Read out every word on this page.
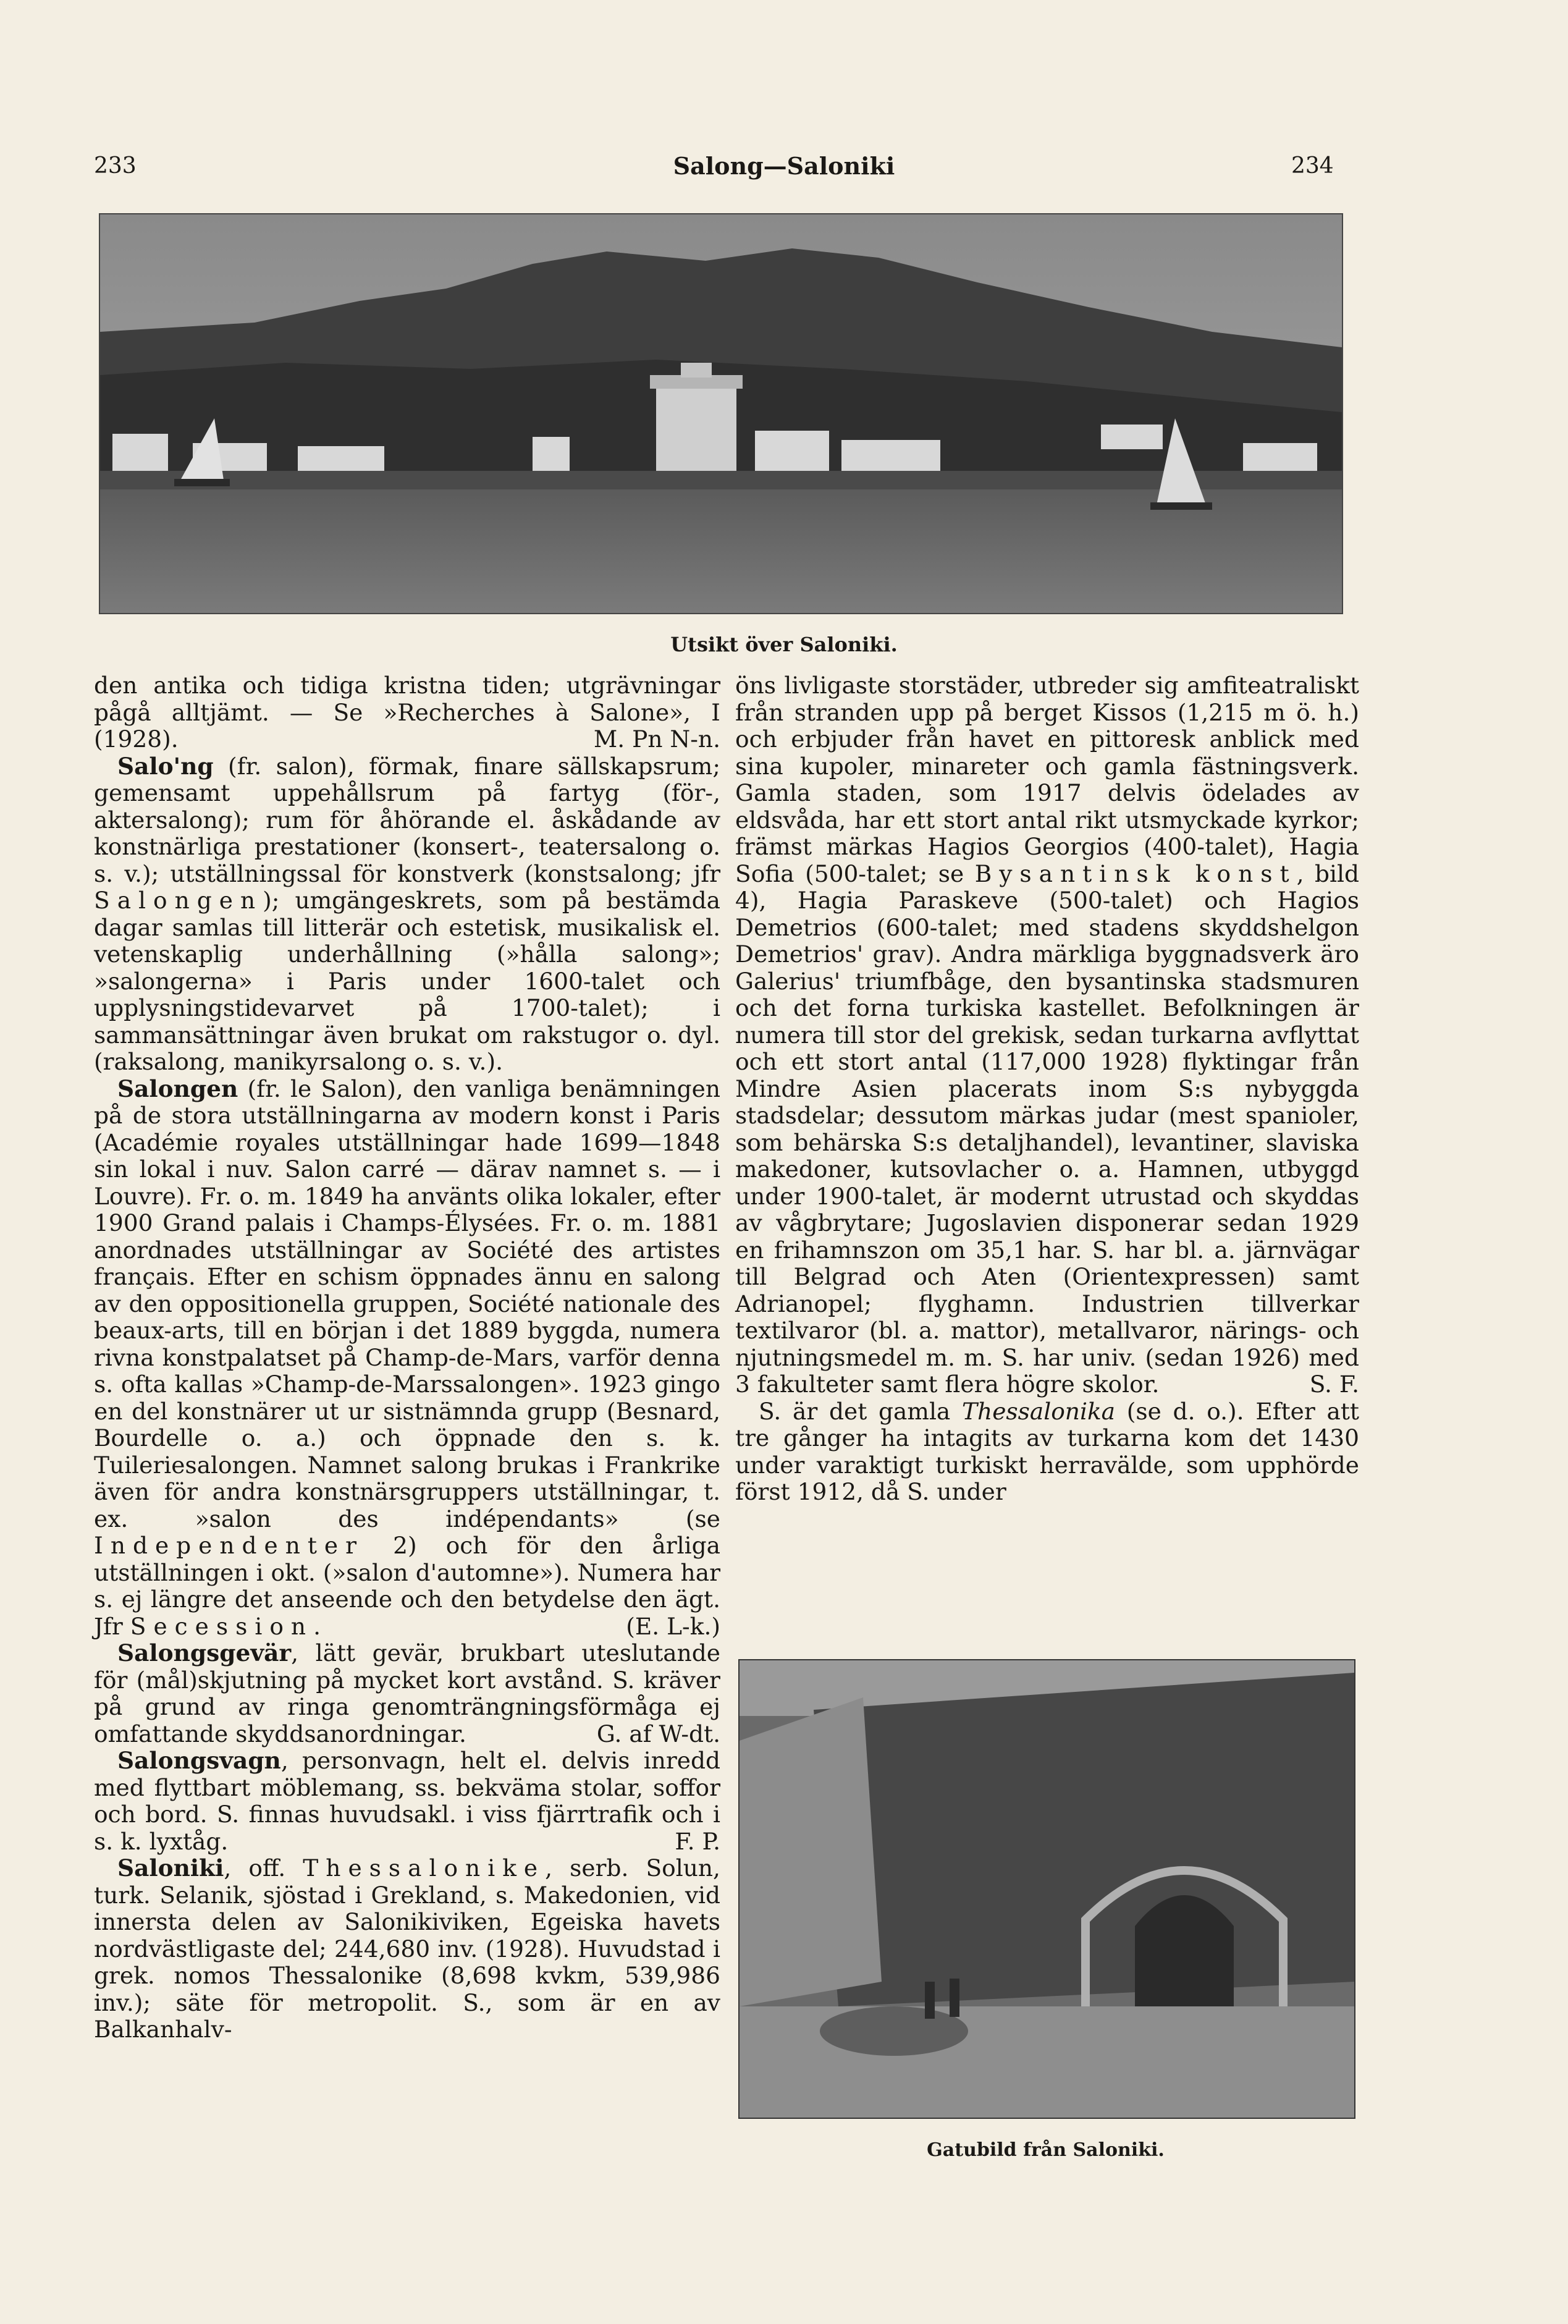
233	Salong—Saloniki	234
Utsikt över Saloniki.

den antika och tidiga kristna tiden; utgrävningar pågå alltjämt. — Se »Recherches à Salone», I (1928).	M. Pn N-n.

Salo'ng (fr. salon), förmak, finare sällskapsrum; gemensamt uppehållsrum på fartyg (för-, aktersalong); rum för åhörande el. åskådande av konstnärliga prestationer (konsert-, teatersalong o. s. v.); utställningssal för konstverk (konstsalong; jfr Salongen); umgängeskrets, som på bestämda dagar samlas till litterär och estetisk, musikalisk el. vetenskaplig underhållning (»hålla salong»; »salongerna» i Paris under 1600-talet och upplysningstidevarvet på 1700-talet); i sammansättningar även brukat om rakstugor o. dyl. (raksalong, manikyrsalong o. s. v.).

Salongen (fr. le Salon), den vanliga benämningen på de stora utställningarna av modern konst i Paris (Académie royales utställningar hade 1699—1848 sin lokal i nuv. Salon carré — därav namnet s. — i Louvre). Fr. o. m. 1849 ha använts olika lokaler, efter 1900 Grand palais i Champs-Élysées. Fr. o. m. 1881 anordnades utställningar av Société des artistes français. Efter en schism öppnades ännu en salong av den oppositionella gruppen, Société nationale des beaux-arts, till en början i det 1889 byggda, numera rivna konstpalatset på Champ-de-Mars, varför denna s. ofta kallas »Champ-de-Marssalongen». 1923 gingo en del konstnärer ut ur sistnämnda grupp (Besnard, Bourdelle o. a.) och öppnade den s. k. Tuileriesalongen. Namnet salong brukas i Frankrike även för andra konstnärsgruppers utställningar, t. ex. »salon des indépendants» (se Independenter 2) och för den årliga utställningen i okt. (»salon d'automne»). Numera har s. ej längre det anseende och den betydelse den ägt. Jfr Secession.	(E. L-k.)

Salongsgevär, lätt gevär, brukbart uteslutande för (mål)skjutning på mycket kort avstånd. S. kräver på grund av ringa genomträngningsförmåga ej omfattande skyddsanordningar.	G. af W-dt.

Salongsvagn, personvagn, helt el. delvis inredd med flyttbart möblemang, ss. bekväma stolar, soffor och bord. S. finnas huvudsakl. i viss fjärrtrafik och i s. k. lyxtåg.	F. P.

Saloniki, off. Thessalonike, serb. Solun, turk. Selanik, sjöstad i Grekland, s. Makedonien, vid innersta delen av Salonikiviken, Egeiska havets nordvästligaste del; 244,680 inv. (1928). Huvudstad i grek. nomos Thessalonike (8,698 kvkm, 539,986 inv.); säte för metropolit. S., som är en av Balkanhalv-

öns livligaste storstäder, utbreder sig amfiteatraliskt från stranden upp på berget Kissos (1,215 m ö. h.) och erbjuder från havet en pittoresk anblick med sina kupoler, minareter och gamla fästningsverk. Gamla staden, som 1917 delvis ödelades av eldsvåda, har ett stort antal rikt utsmyckade kyrkor; främst märkas Hagios Georgios (400-talet), Hagia Sofia (500-talet; se Bysantinsk konst, bild 4), Hagia Paraskeve (500-talet) och Hagios Demetrios (600-talet; med stadens skyddshelgon Demetrios' grav). Andra märkliga byggnadsverk äro Galerius' triumfbåge, den bysantinska stadsmuren och det forna turkiska kastellet. Befolkningen är numera till stor del grekisk, sedan turkarna avflyttat och ett stort antal (117,000 1928) flyktingar från Mindre Asien placerats inom S:s nybyggda stadsdelar; dessutom märkas judar (mest spanioler, som behärska S:s detaljhandel), levantiner, slaviska makedoner, kutsovlacher o. a. Hamnen, utbyggd under 1900-talet, är modernt utrustad och skyddas av vågbrytare; Jugoslavien disponerar sedan 1929 en frihamnszon om 35,1 har. S. har bl. a. järnvägar till Belgrad och Aten (Orientexpressen) samt Adrianopel; flyghamn. Industrien tillverkar textilvaror (bl. a. mattor), metallvaror, närings- och njutningsmedel m. m. S. har univ. (sedan 1926) med 3 fakulteter samt flera högre skolor.	S. F.

S. är det gamla Thessalonika (se d. o.). Efter att tre gånger ha intagits av turkarna kom det 1430 under varaktigt turkiskt herravälde, som upphörde först 1912, då S. under

Gatubild från Saloniki.
